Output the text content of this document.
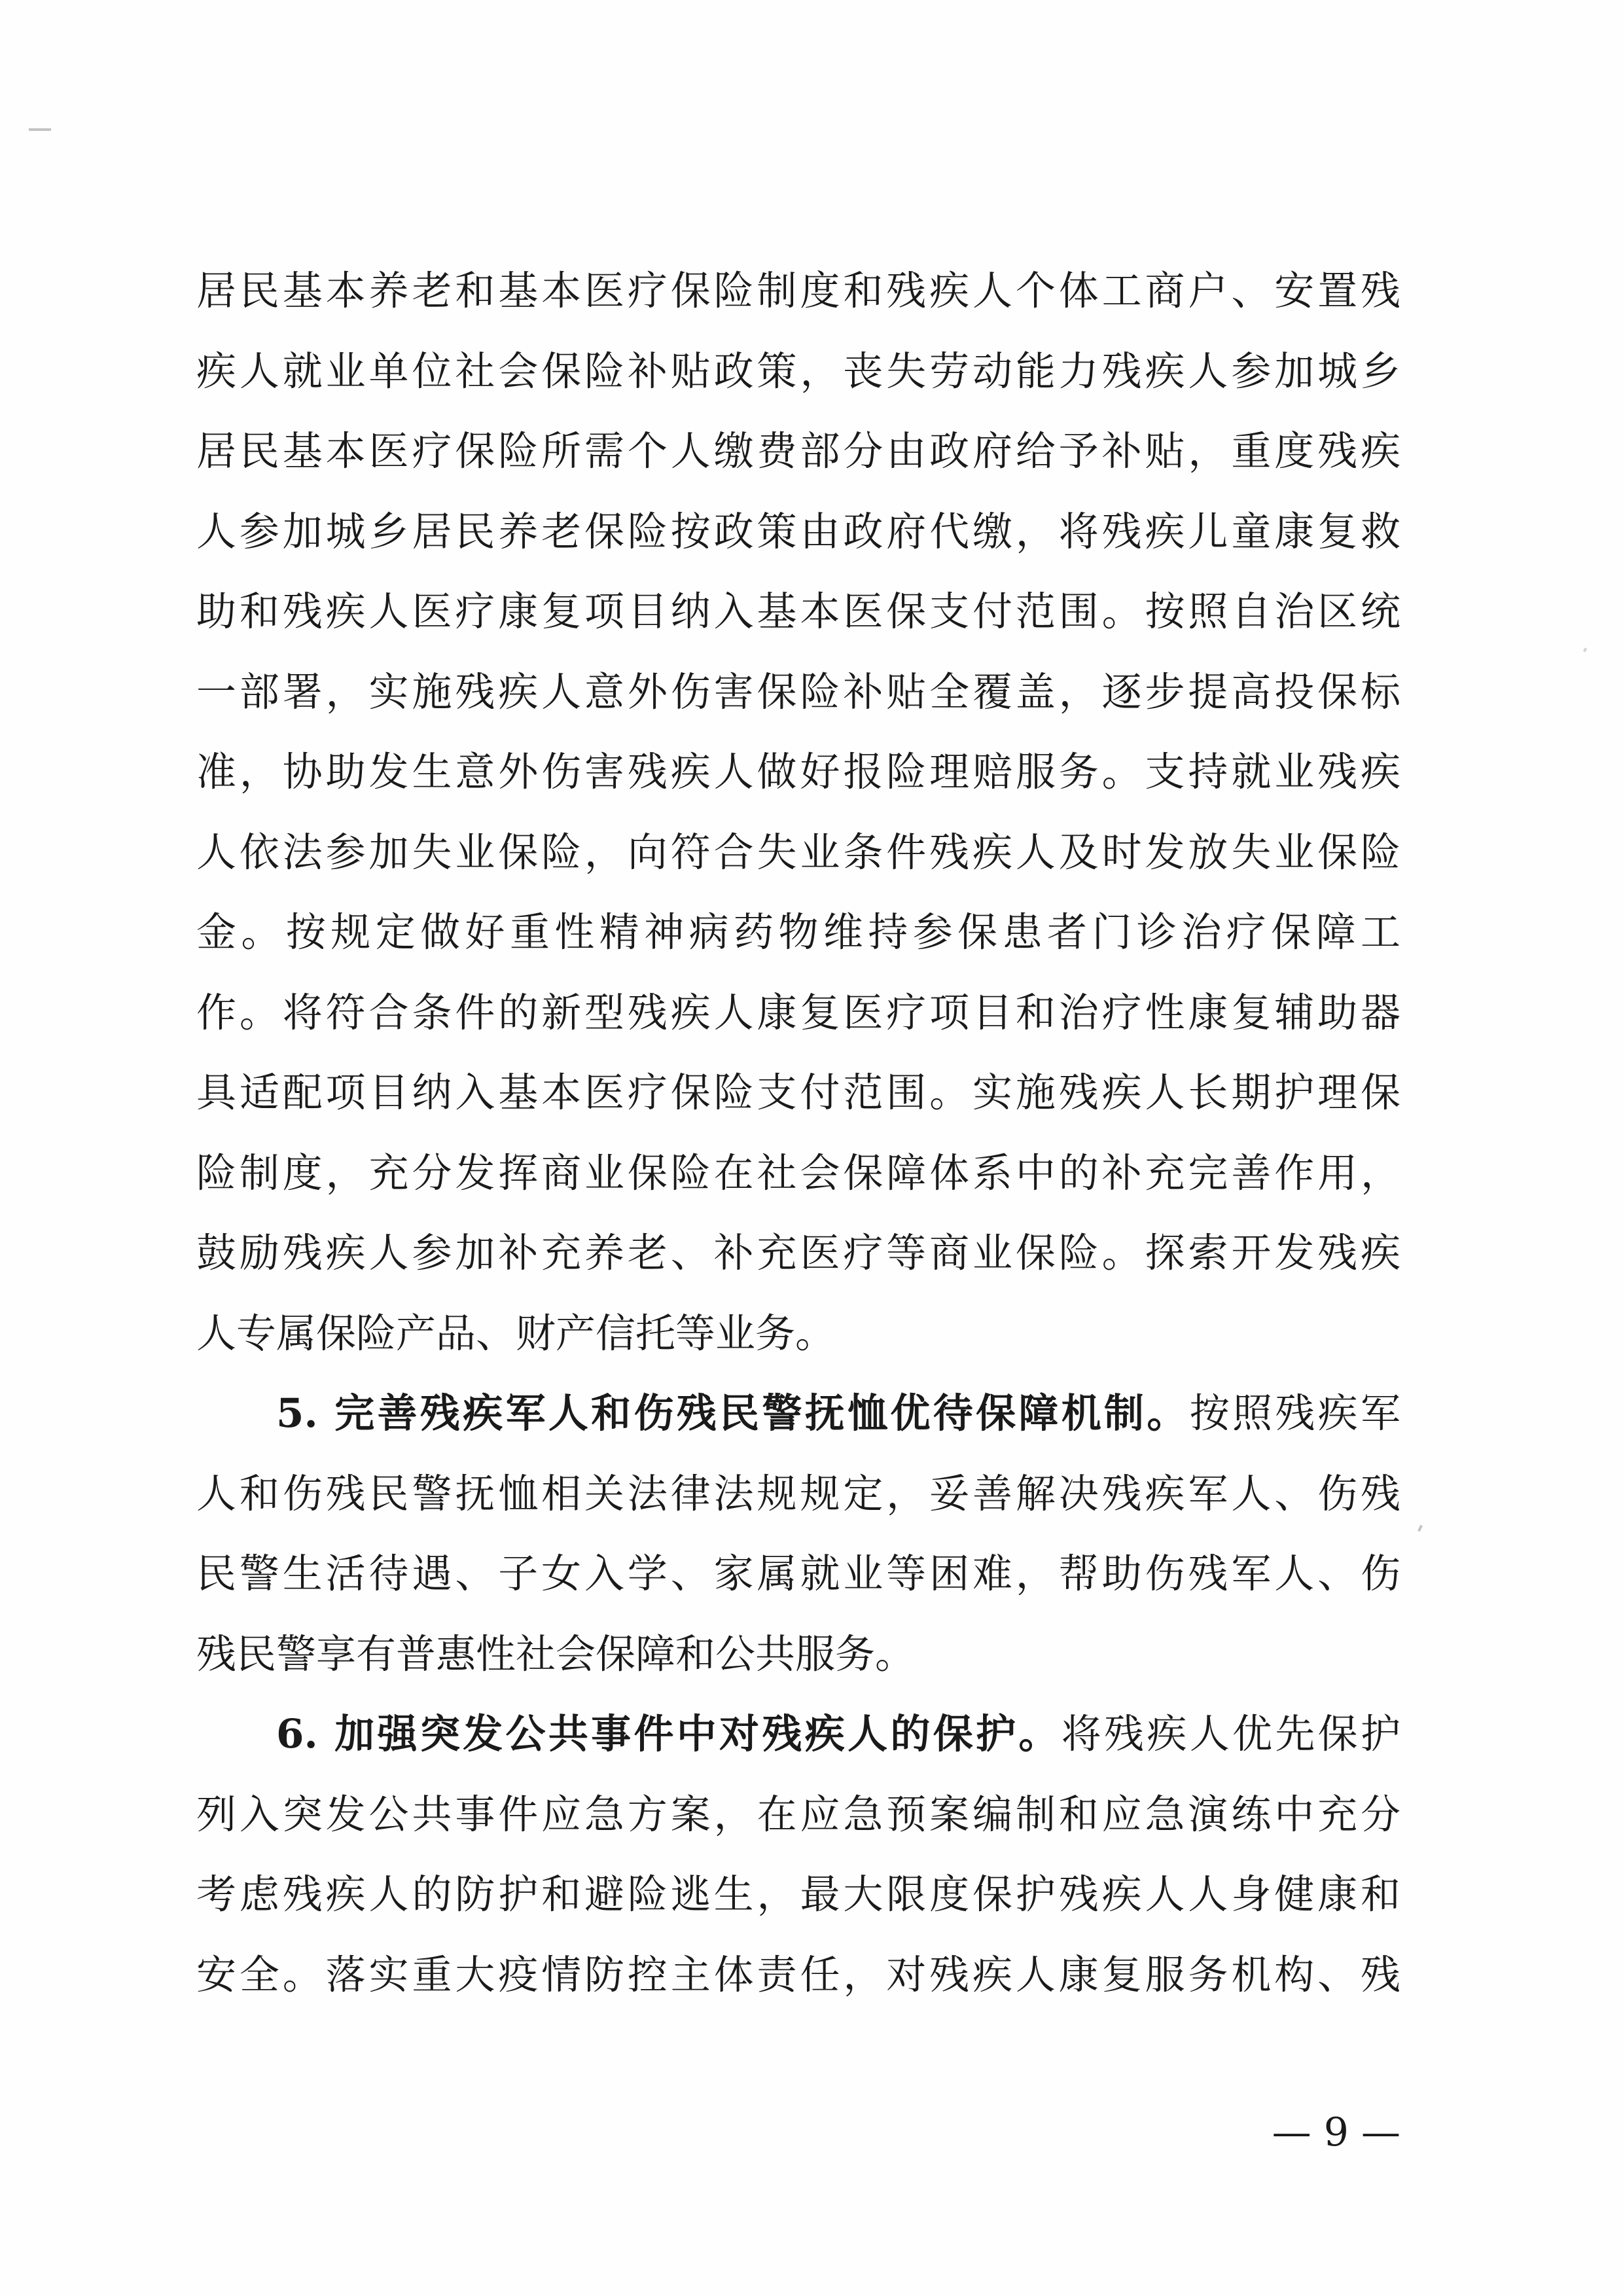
居民基本养老和基本医疗保险制度和残疾人个体工商户、安置残
疾人就业单位社会保险补贴政策，丧失劳动能力残疾人参加城乡
居民基本医疗保险所需个人缴费部分由政府给予补贴，重度残疾
人参加城乡居民养老保险按政策由政府代缴，将残疾儿童康复救
助和残疾人医疗康复项目纳入基本医保支付范围。按照自治区统
一部署，实施残疾人意外伤害保险补贴全覆盖，逐步提高投保标
准，协助发生意外伤害残疾人做好报险理赔服务。支持就业残疾
人依法参加失业保险，向符合失业条件残疾人及时发放失业保险
金。按规定做好重性精神病药物维持参保患者门诊治疗保障工
作。将符合条件的新型残疾人康复医疗项目和治疗性康复辅助器
具适配项目纳入基本医疗保险支付范围。实施残疾人长期护理保
险制度，充分发挥商业保险在社会保障体系中的补充完善作用，
鼓励残疾人参加补充养老、补充医疗等商业保险。探索开发残疾
人专属保险产品、财产信托等业务。
5. 完善残疾军人和伤残民警抚恤优待保障机制。按照残疾军
人和伤残民警抚恤相关法律法规规定，妥善解决残疾军人、伤残
民警生活待遇、子女入学、家属就业等困难，帮助伤残军人、伤
残民警享有普惠性社会保障和公共服务。
6. 加强突发公共事件中对残疾人的保护。将残疾人优先保护
列入突发公共事件应急方案，在应急预案编制和应急演练中充分
考虑残疾人的防护和避险逃生，最大限度保护残疾人人身健康和
安全。落实重大疫情防控主体责任，对残疾人康复服务机构、残
— 9 —
